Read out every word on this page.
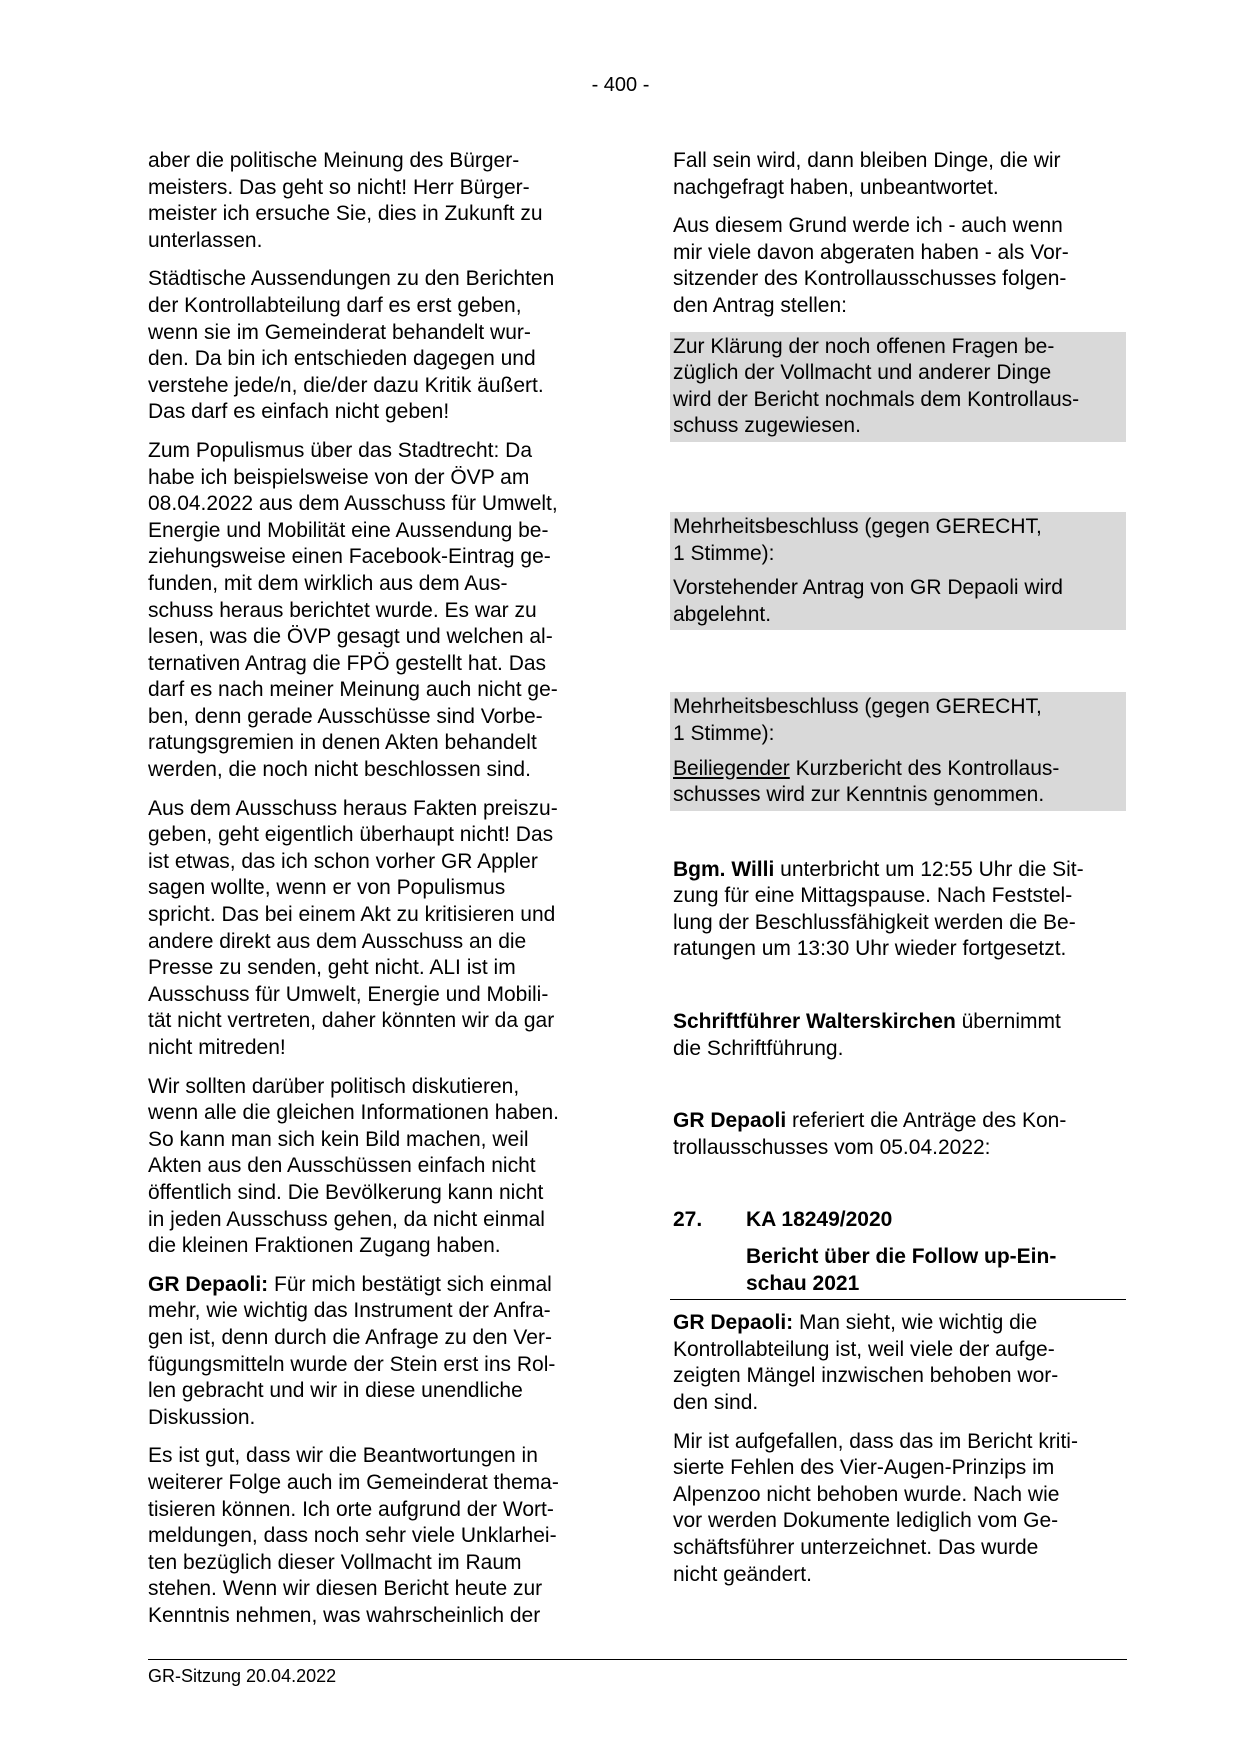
- 400 -

aber die politische Meinung des Bürger-
meisters. Das geht so nicht! Herr Bürger-
meister ich ersuche Sie, dies in Zukunft zu
unterlassen.

Städtische Aussendungen zu den Berichten
der Kontrollabteilung darf es erst geben,
wenn sie im Gemeinderat behandelt wur-
den. Da bin ich entschieden dagegen und
verstehe jede/n, die/der dazu Kritik äußert.
Das darf es einfach nicht geben!

Zum Populismus über das Stadtrecht: Da
habe ich beispielsweise von der ÖVP am
08.04.2022 aus dem Ausschuss für Umwelt,
Energie und Mobilität eine Aussendung be-
ziehungsweise einen Facebook-Eintrag ge-
funden, mit dem wirklich aus dem Aus-
schuss heraus berichtet wurde. Es war zu
lesen, was die ÖVP gesagt und welchen al-
ternativen Antrag die FPÖ gestellt hat. Das
darf es nach meiner Meinung auch nicht ge-
ben, denn gerade Ausschüsse sind Vorbe-
ratungsgremien in denen Akten behandelt
werden, die noch nicht beschlossen sind.

Aus dem Ausschuss heraus Fakten preiszu-
geben, geht eigentlich überhaupt nicht! Das
ist etwas, das ich schon vorher GR Appler
sagen wollte, wenn er von Populismus
spricht. Das bei einem Akt zu kritisieren und
andere direkt aus dem Ausschuss an die
Presse zu senden, geht nicht. ALI ist im
Ausschuss für Umwelt, Energie und Mobili-
tät nicht vertreten, daher könnten wir da gar
nicht mitreden!

Wir sollten darüber politisch diskutieren,
wenn alle die gleichen Informationen haben.
So kann man sich kein Bild machen, weil
Akten aus den Ausschüssen einfach nicht
öffentlich sind. Die Bevölkerung kann nicht
in jeden Ausschuss gehen, da nicht einmal
die kleinen Fraktionen Zugang haben.

GR Depaoli: Für mich bestätigt sich einmal
mehr, wie wichtig das Instrument der Anfra-
gen ist, denn durch die Anfrage zu den Ver-
fügungsmitteln wurde der Stein erst ins Rol-
len gebracht und wir in diese unendliche
Diskussion.

Es ist gut, dass wir die Beantwortungen in
weiterer Folge auch im Gemeinderat thema-
tisieren können. Ich orte aufgrund der Wort-
meldungen, dass noch sehr viele Unklarhei-
ten bezüglich dieser Vollmacht im Raum
stehen. Wenn wir diesen Bericht heute zur
Kenntnis nehmen, was wahrscheinlich der

Fall sein wird, dann bleiben Dinge, die wir
nachgefragt haben, unbeantwortet.

Aus diesem Grund werde ich - auch wenn
mir viele davon abgeraten haben - als Vor-
sitzender des Kontrollausschusses folgen-
den Antrag stellen:

Zur Klärung der noch offenen Fragen be-
züglich der Vollmacht und anderer Dinge
wird der Bericht nochmals dem Kontrollaus-
schuss zugewiesen.

Mehrheitsbeschluss (gegen GERECHT,
1 Stimme):

Vorstehender Antrag von GR Depaoli wird
abgelehnt.

Mehrheitsbeschluss (gegen GERECHT,
1 Stimme):

Beiliegender Kurzbericht des Kontrollaus-
schusses wird zur Kenntnis genommen.

Bgm. Willi unterbricht um 12:55 Uhr die Sit-
zung für eine Mittagspause. Nach Feststel-
lung der Beschlussfähigkeit werden die Be-
ratungen um 13:30 Uhr wieder fortgesetzt.

Schriftführer Walterskirchen übernimmt
die Schriftführung.

GR Depaoli referiert die Anträge des Kon-
trollausschusses vom 05.04.2022:

27.	KA 18249/2020
Bericht über die Follow up-Ein-
schau 2021

GR Depaoli: Man sieht, wie wichtig die
Kontrollabteilung ist, weil viele der aufge-
zeigten Mängel inzwischen behoben wor-
den sind.

Mir ist aufgefallen, dass das im Bericht kriti-
sierte Fehlen des Vier-Augen-Prinzips im
Alpenzoo nicht behoben wurde. Nach wie
vor werden Dokumente lediglich vom Ge-
schäftsführer unterzeichnet. Das wurde
nicht geändert.

GR-Sitzung 20.04.2022
